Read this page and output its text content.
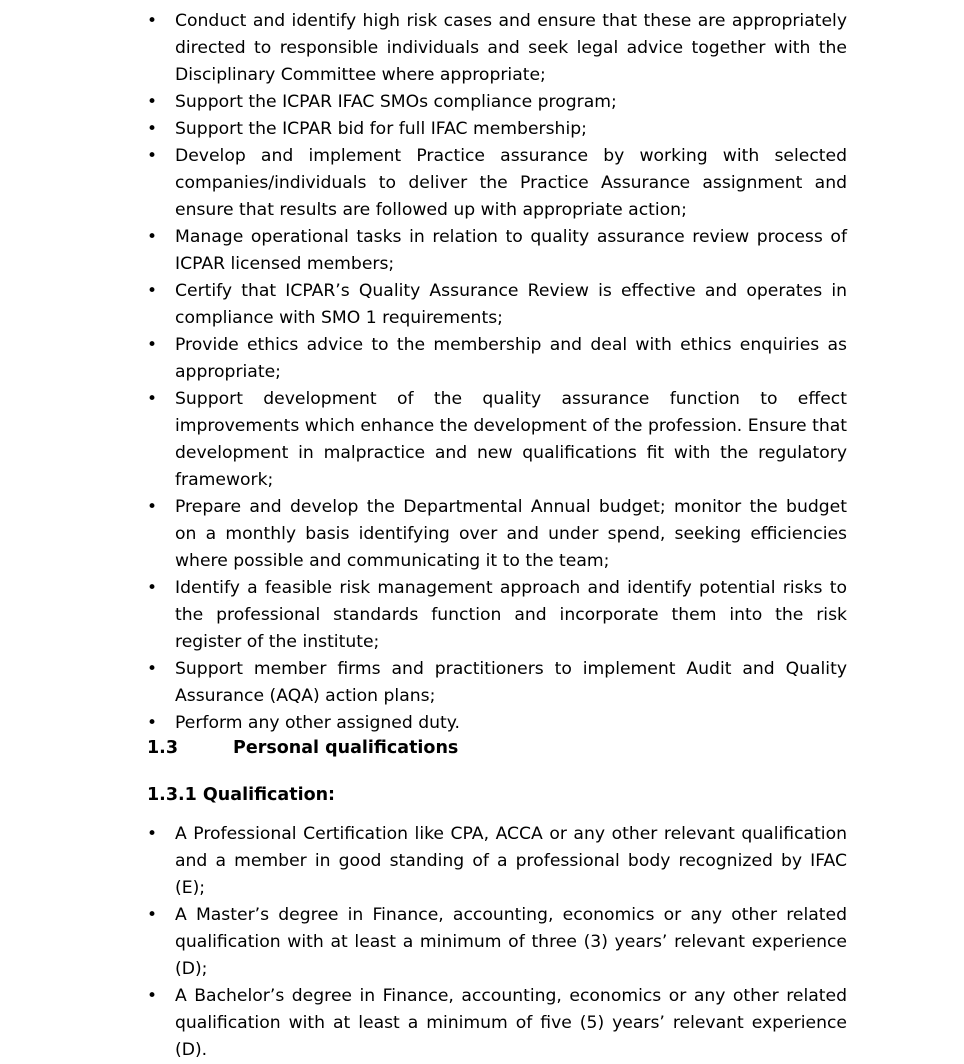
• Conduct and identify high risk cases and ensure that these are appropriately directed to responsible individuals and seek legal advice together with the Disciplinary Committee where appropriate;
• Support the ICPAR IFAC SMOs compliance program;
• Support the ICPAR bid for full IFAC membership;
• Develop and implement Practice assurance by working with selected companies/individuals to deliver the Practice Assurance assignment and ensure that results are followed up with appropriate action;
• Manage operational tasks in relation to quality assurance review process of ICPAR licensed members;
• Certify that ICPAR’s Quality Assurance Review is effective and operates in compliance with SMO 1 requirements;
• Provide ethics advice to the membership and deal with ethics enquiries as appropriate;
• Support development of the quality assurance function to effect improvements which enhance the development of the profession. Ensure that development in malpractice and new qualifications fit with the regulatory framework;
• Prepare and develop the Departmental Annual budget; monitor the budget on a monthly basis identifying over and under spend, seeking efficiencies where possible and communicating it to the team;
• Identify a feasible risk management approach and identify potential risks to the professional standards function and incorporate them into the risk register of the institute;
• Support member firms and practitioners to implement Audit and Quality Assurance (AQA) action plans;
• Perform any other assigned duty.
1.3	Personal qualifications
1.3.1 Qualification:
• A Professional Certification like CPA, ACCA or any other relevant qualification and a member in good standing of a professional body recognized by IFAC (E);
• A Master’s degree in Finance, accounting, economics or any other related qualification with at least a minimum of three (3) years’ relevant experience (D);
• A Bachelor’s degree in Finance, accounting, economics or any other related qualification with at least a minimum of five (5) years’ relevant experience (D).
